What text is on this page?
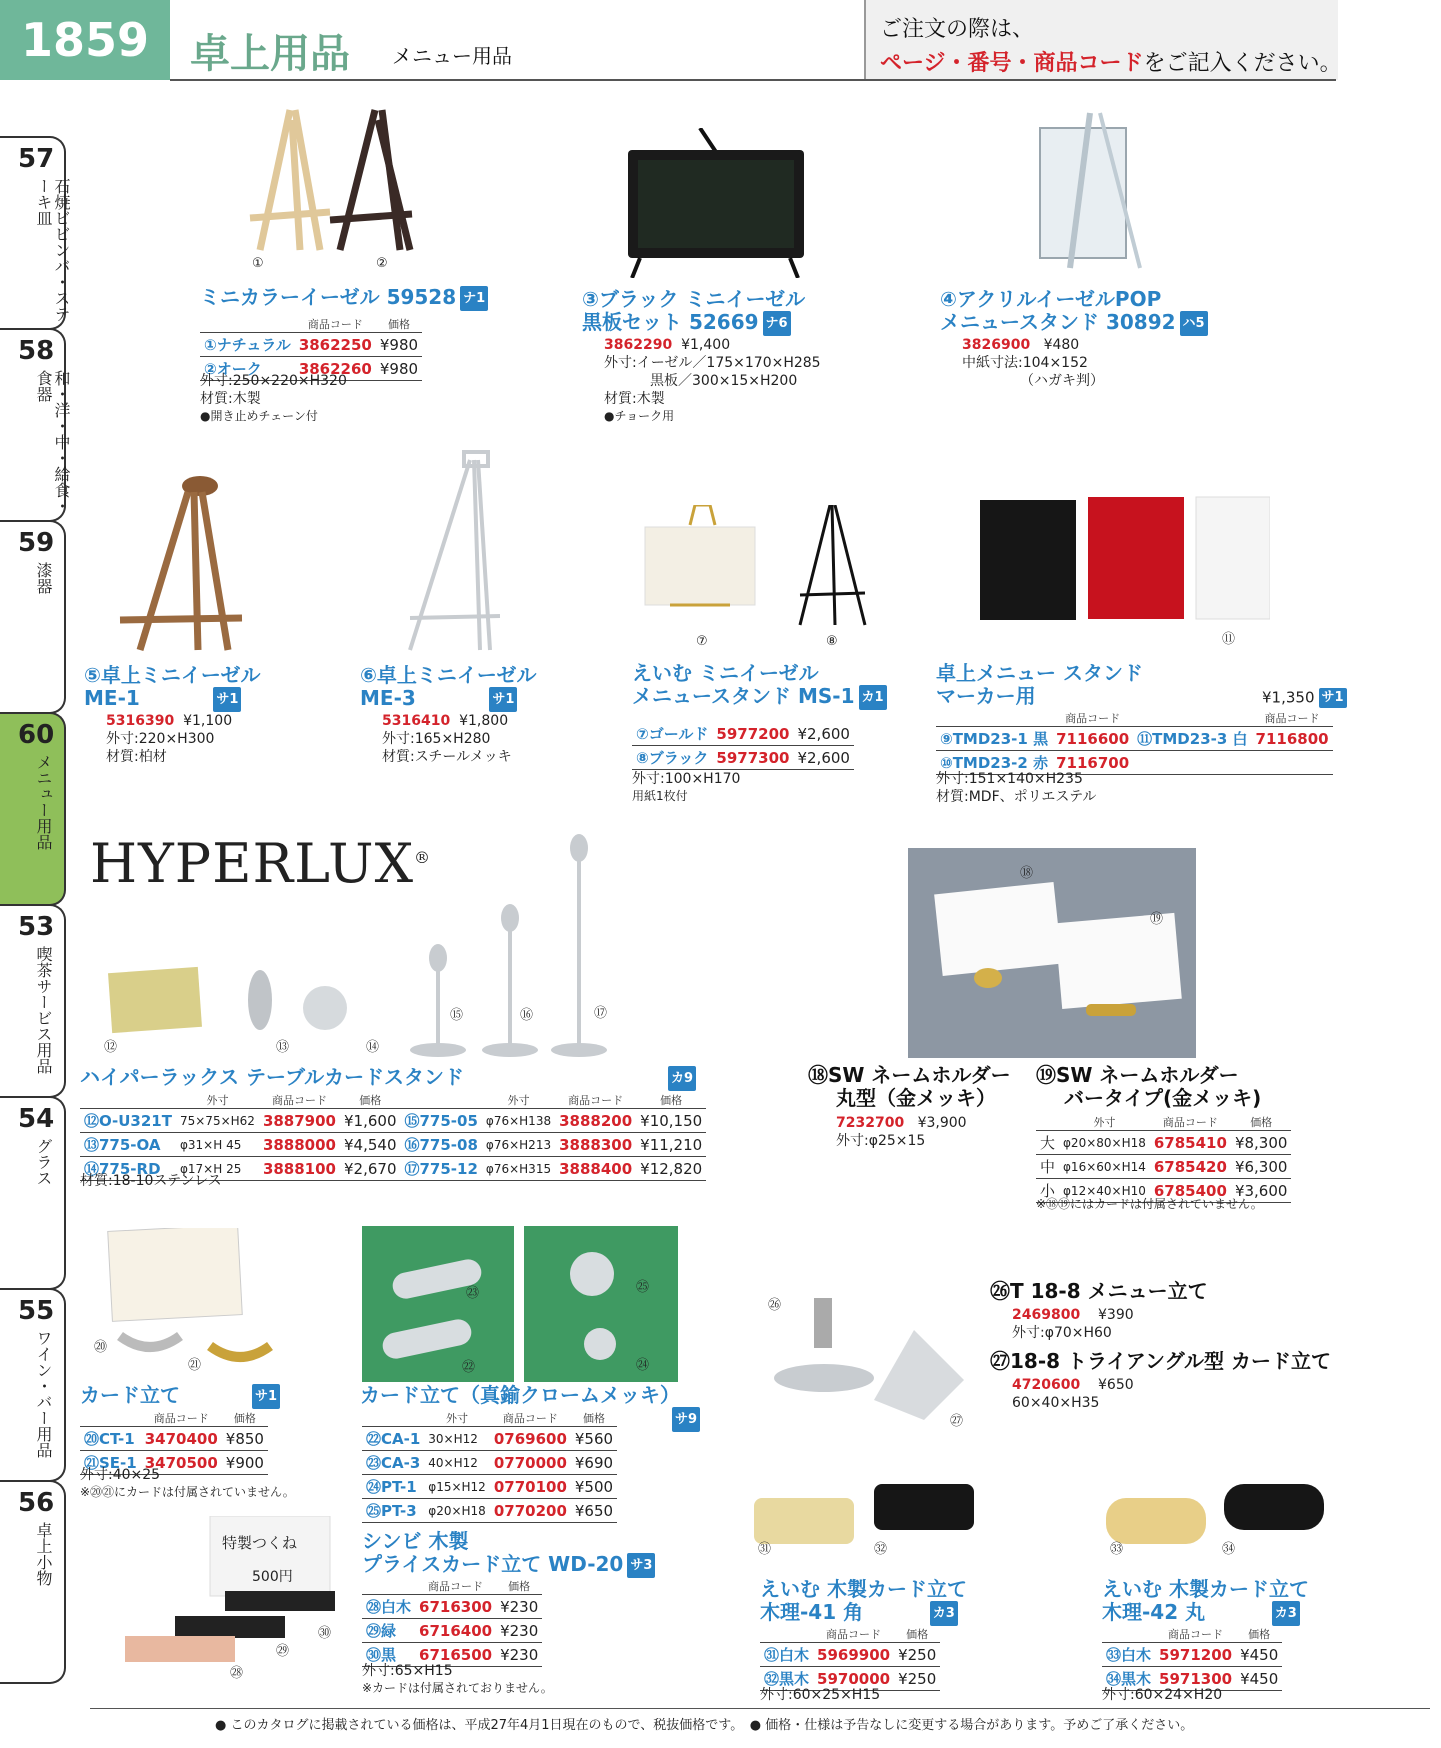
1859	卓上用品 メニュー用品
ご注文の際は、
ページ・番号・商品コードをご記入ください。
57
石焼ビビンバ・ステーキ皿
58
和・洋・中・給食・食器
59
漆器
60
メニュー用品
53
喫茶サービス用品
54
グラス
55
ワイン・バー用品
56
卓上小物
①	②
ミニカラーイーゼル 59528 ナ1
	商品コード	価格
①ナチュラル	3862250	¥980
②オーク	3862260	¥980
外寸:250×220×H320
材質:木製
●開き止めチェーン付
③ブラック ミニイーゼル
黒板セット 52669 ナ6
3862290 ¥1,400
外寸:イーゼル／175×170×H285
黒板／300×15×H200
材質:木製
●チョーク用
④アクリルイーゼルPOP
メニュースタンド 30892 ハ5
3826900 ¥480
中紙寸法:104×152
（ハガキ判）
⑤卓上ミニイーゼル
ME-1	サ1
5316390 ¥1,100
外寸:220×H300
材質:柏材
⑥卓上ミニイーゼル
ME-3	サ1
5316410 ¥1,800
外寸:165×H280
材質:スチールメッキ
⑦	⑧
えいむ ミニイーゼル
メニュースタンド MS-1 カ1
⑦ゴールド	5977200	¥2,600
⑧ブラック	5977300	¥2,600
外寸:100×H170
用紙1枚付
⑨	⑩	⑪
卓上メニュー スタンド
マーカー用	¥1,350 サ1
	商品コード		商品コード
⑨TMD23-1 黒	7116600	⑪TMD23-3 白	7116800
⑩TMD23-2 赤	7116700		
外寸:151×140×H235
材質:MDF、ポリエステル
HYPERLUX®
⑫	⑬	⑭
⑮	⑯	⑰
ハイパーラックス テーブルカードスタンド	カ9
	外寸	商品コード	価格		外寸	商品コード	価格
⑫O-U321T	75×75×H62	3887900	¥1,600	⑮775-05	φ76×H138	3888200	¥10,150
⑬775-OA	φ31×H 45	3888000	¥4,540	⑯775-08	φ76×H213	3888300	¥11,210
⑭775-RD	φ17×H 25	3888100	¥2,670	⑰775-12	φ76×H315	3888400	¥12,820
材質:18-10ステンレス
⑱
⑲
⑱SW ネームホルダー
丸型（金メッキ）
7232700 ¥3,900
外寸:φ25×15
⑲SW ネームホルダー
バータイプ(金メッキ)
	外寸	商品コード	価格
大	φ20×80×H18	6785410	¥8,300
中	φ16×60×H14	6785420	¥6,300
小	φ12×40×H10	6785400	¥3,600
※⑱⑲にはカードは付属されていません。
⑳
㉑
カード立て	サ1
	商品コード	価格
⑳CT-1	3470400	¥850
㉑SE-1	3470500	¥900
外寸:40×25
※⑳㉑にカードは付属されていません。
㉓
㉒
㉕
㉔
カード立て（真鍮クロームメッキ）
サ9
	外寸	商品コード	価格
㉒CA-1	30×H12	0769600	¥560
㉓CA-3	40×H12	0770000	¥690
㉔PT-1	φ15×H12	0770100	¥500
㉕PT-3	φ20×H18	0770200	¥650
㉖
㉗
㉖T 18-8 メニュー立て
2469800 ¥390
外寸:φ70×H60
㉗18-8 トライアングル型 カード立て
4720600 ¥650
60×40×H35
特製つくね
500円
㉘
㉙
㉚
シンビ 木製
プライスカード立て WD-20 サ3
	商品コード	価格
㉘白木	6716300	¥230
㉙緑	6716400	¥230
㉚黒	6716500	¥230
外寸:65×H15
※カードは付属されておりません。
㉛	㉜
えいむ 木製カード立て
木理-41 角	カ3
	商品コード	価格
㉛白木	5969900	¥250
㉜黒木	5970000	¥250
外寸:60×25×H15
㉝	㉞
えいむ 木製カード立て
木理-42 丸	カ3
	商品コード	価格
㉝白木	5971200	¥450
㉞黒木	5971300	¥450
外寸:60×24×H20
● このカタログに掲載されている価格は、平成27年4月1日現在のもので、税抜価格です。　● 価格・仕様は予告なしに変更する場合があります。予めご了承ください。
